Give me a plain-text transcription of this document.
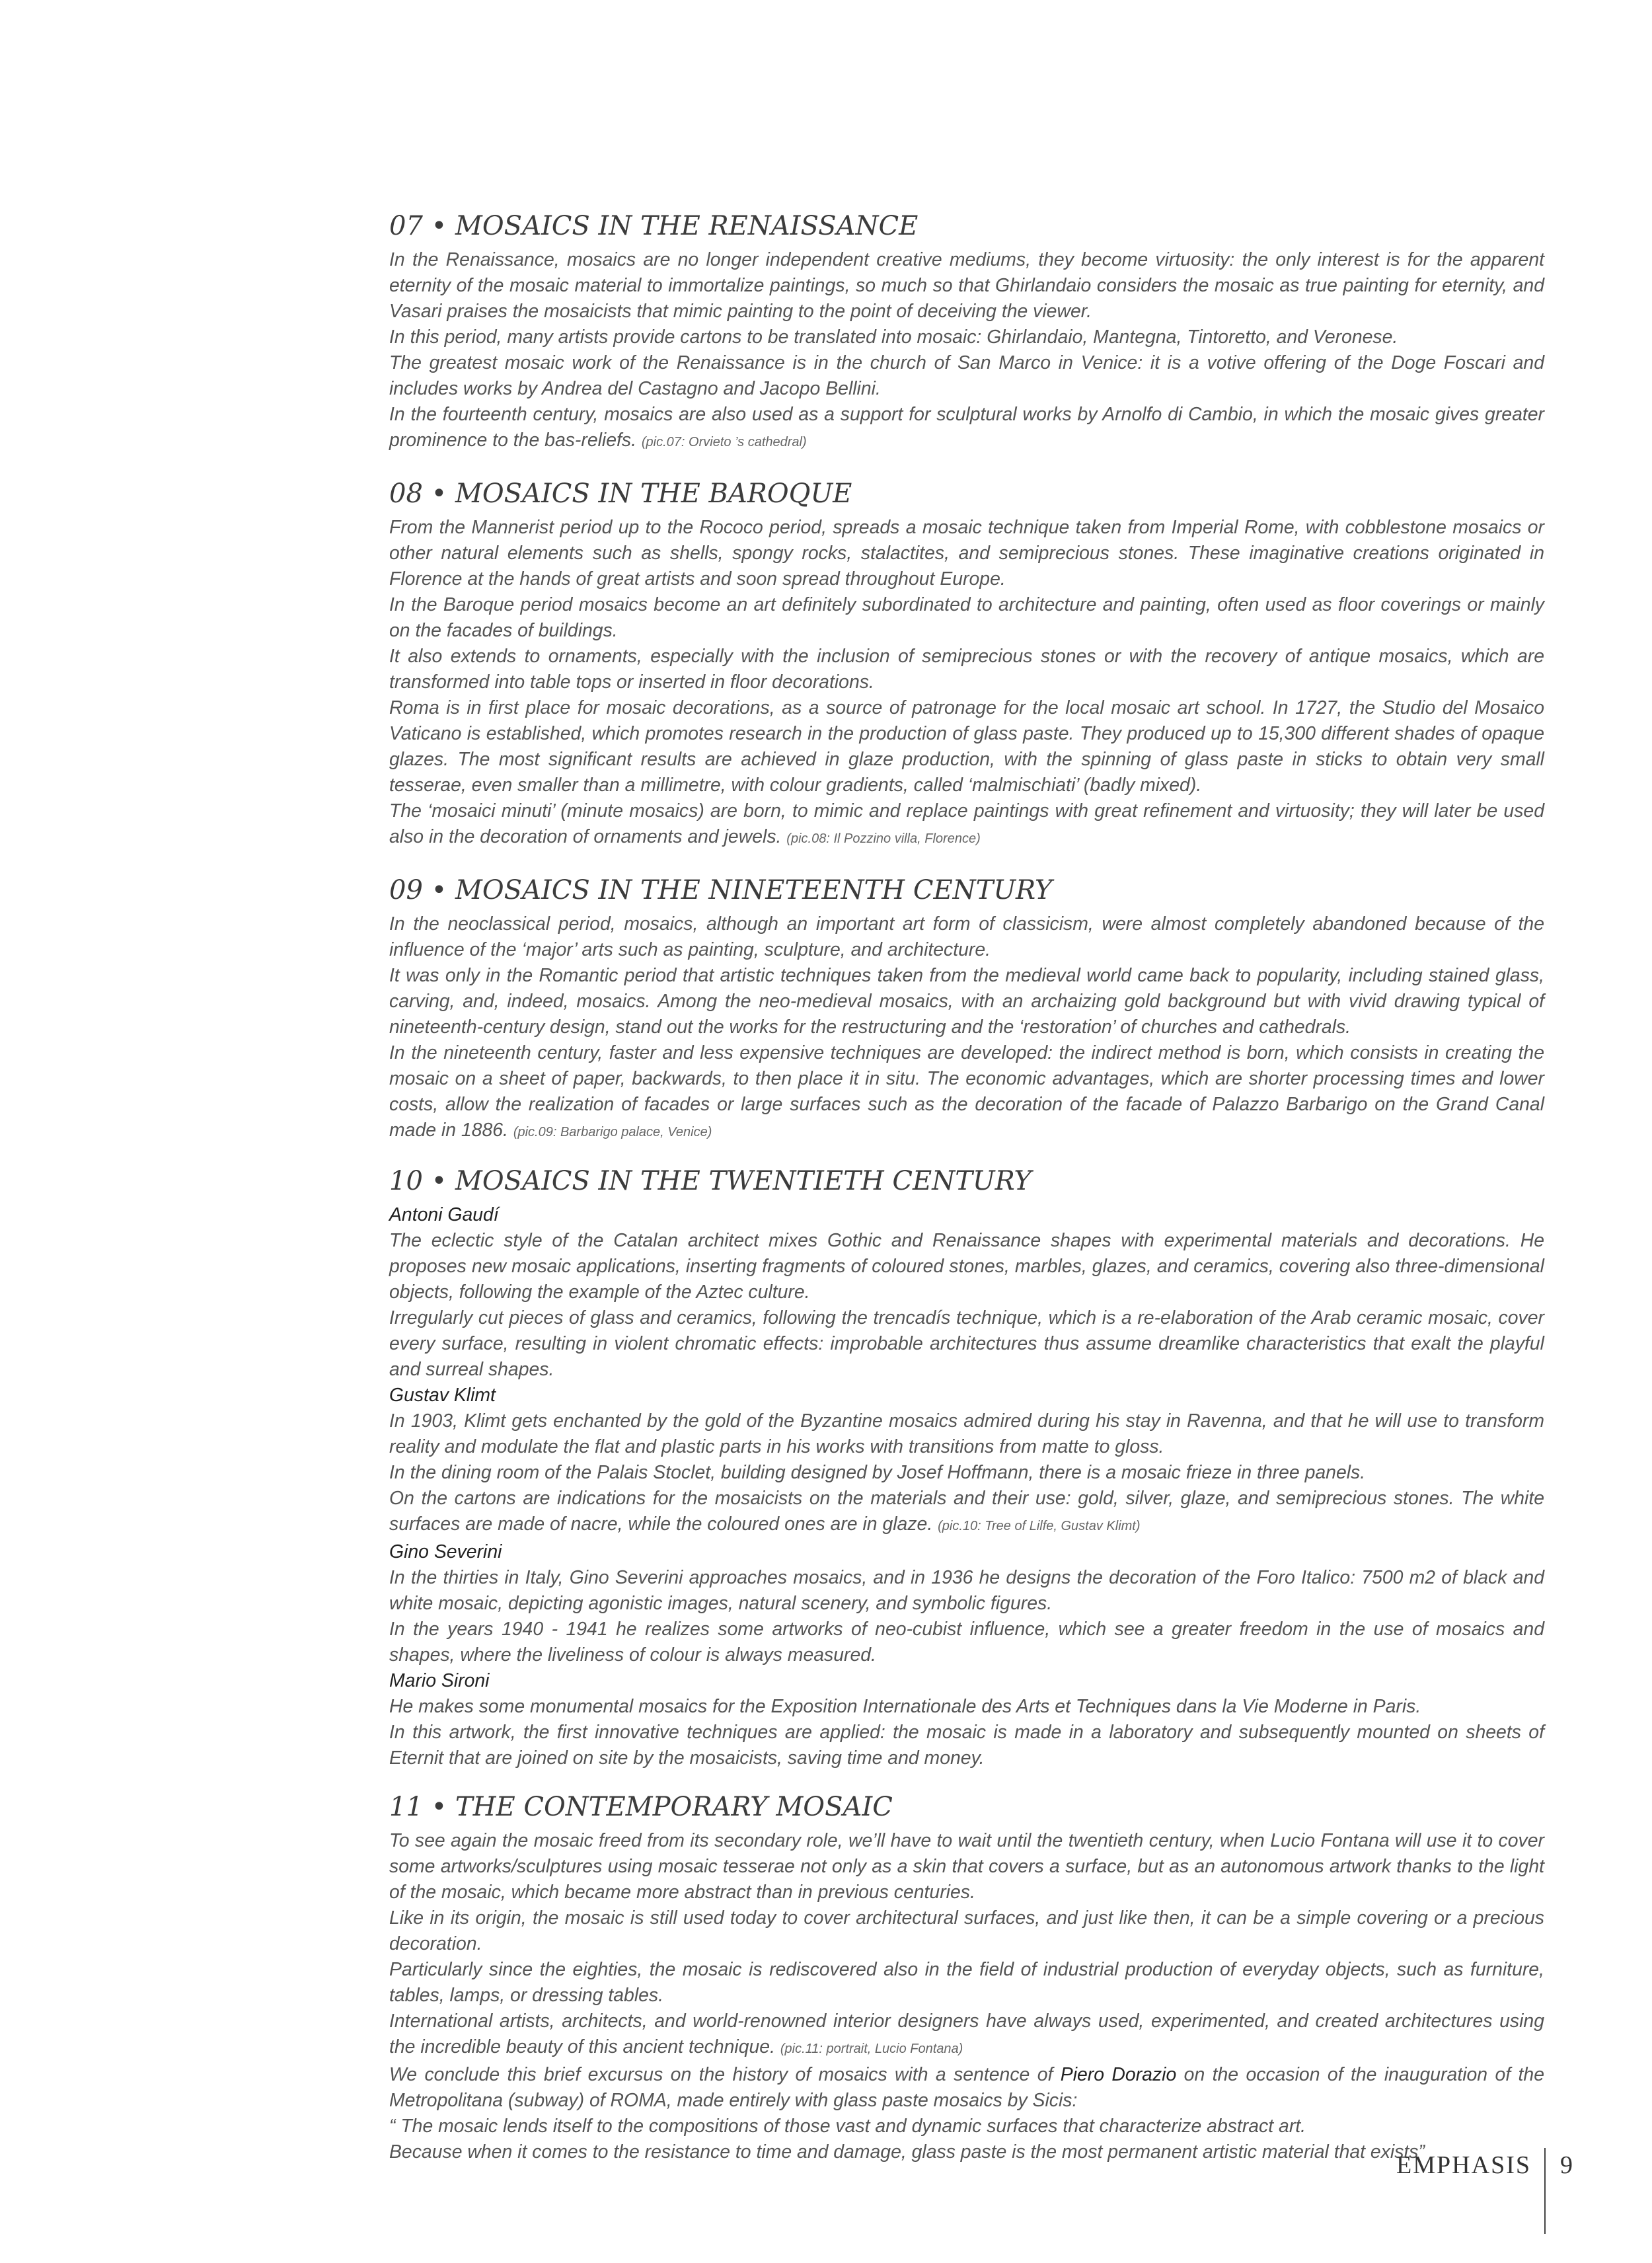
07 • MOSAICS IN THE RENAISSANCE

In the Renaissance, mosaics are no longer independent creative mediums, they become virtuosity: the only interest is for the apparent eternity of the mosaic material to immortalize paintings, so much so that Ghirlandaio considers the mosaic as true painting for eternity, and Vasari praises the mosaicists that mimic painting to the point of deceiving the viewer.

In this period, many artists provide cartons to be translated into mosaic: Ghirlandaio, Mantegna, Tintoretto, and Veronese.

The greatest mosaic work of the Renaissance is in the church of San Marco in Venice: it is a votive offering of the Doge Foscari and includes works by Andrea del Castagno and Jacopo Bellini.

In the fourteenth century, mosaics are also used as a support for sculptural works by Arnolfo di Cambio, in which the mosaic gives greater prominence to the bas-reliefs. (pic.07: Orvieto ’s cathedral)

08 • MOSAICS IN THE BAROQUE

From the Mannerist period up to the Rococo period, spreads a mosaic technique taken from Imperial Rome, with cobblestone mosaics or other natural elements such as shells, spongy rocks, stalactites, and semiprecious stones. These imaginative creations originated in Florence at the hands of great artists and soon spread throughout Europe.

In the Baroque period mosaics become an art definitely subordinated to architecture and painting, often used as floor coverings or mainly on the facades of buildings.

It also extends to ornaments, especially with the inclusion of semiprecious stones or with the recovery of antique mosaics, which are transformed into table tops or inserted in floor decorations.

Roma is in first place for mosaic decorations, as a source of patronage for the local mosaic art school. In 1727, the Studio del Mosaico Vaticano is established, which promotes research in the production of glass paste. They produced up to 15,300 different shades of opaque glazes. The most significant results are achieved in glaze production, with the spinning of glass paste in sticks to obtain very small tesserae, even smaller than a millimetre, with colour gradients, called ‘malmischiati’ (badly mixed).

The ‘mosaici minuti’ (minute mosaics) are born, to mimic and replace paintings with great refinement and virtuosity; they will later be used also in the decoration of ornaments and jewels. (pic.08: Il Pozzino villa, Florence)

09 • MOSAICS IN THE NINETEENTH CENTURY

In the neoclassical period, mosaics, although an important art form of classicism, were almost completely abandoned because of the influence of the ‘major’ arts such as painting, sculpture, and architecture.

It was only in the Romantic period that artistic techniques taken from the medieval world came back to popularity, including stained glass, carving, and, indeed, mosaics. Among the neo-medieval mosaics, with an archaizing gold background but with vivid drawing typical of nineteenth-century design, stand out the works for the restructuring and the ‘restoration’ of churches and cathedrals.

In the nineteenth century, faster and less expensive techniques are developed: the indirect method is born, which consists in creating the mosaic on a sheet of paper, backwards, to then place it in situ. The economic advantages, which are shorter processing times and lower costs, allow the realization of facades or large surfaces such as the decoration of the facade of Palazzo Barbarigo on the Grand Canal made in 1886. (pic.09: Barbarigo palace, Venice)

10 • MOSAICS IN THE TWENTIETH CENTURY

Antoni Gaudí

The eclectic style of the Catalan architect mixes Gothic and Renaissance shapes with experimental materials and decorations. He proposes new mosaic applications, inserting fragments of coloured stones, marbles, glazes, and ceramics, covering also three-dimensional objects, following the example of the Aztec culture.

Irregularly cut pieces of glass and ceramics, following the trencadís technique, which is a re-elaboration of the Arab ceramic mosaic, cover every surface, resulting in violent chromatic effects: improbable architectures thus assume dreamlike characteristics that exalt the playful and surreal shapes.

Gustav Klimt

In 1903, Klimt gets enchanted by the gold of the Byzantine mosaics admired during his stay in Ravenna, and that he will use to transform reality and modulate the flat and plastic parts in his works with transitions from matte to gloss.

In the dining room of the Palais Stoclet, building designed by Josef Hoffmann, there is a mosaic frieze in three panels.

On the cartons are indications for the mosaicists on the materials and their use: gold, silver, glaze, and semiprecious stones. The white surfaces are made of nacre, while the coloured ones are in glaze. (pic.10: Tree of Lilfe, Gustav Klimt)

Gino Severini

In the thirties in Italy, Gino Severini approaches mosaics, and in 1936 he designs the decoration of the Foro Italico: 7500 m2 of black and white mosaic, depicting agonistic images, natural scenery, and symbolic figures.

In the years 1940 - 1941 he realizes some artworks of neo-cubist influence, which see a greater freedom in the use of mosaics and shapes, where the liveliness of colour is always measured.

Mario Sironi

He makes some monumental mosaics for the Exposition Internationale des Arts et Techniques dans la Vie Moderne in Paris.

In this artwork, the first innovative techniques are applied: the mosaic is made in a laboratory and subsequently mounted on sheets of Eternit that are joined on site by the mosaicists, saving time and money.

11 • THE CONTEMPORARY MOSAIC

To see again the mosaic freed from its secondary role, we’ll have to wait until the twentieth century, when Lucio Fontana will use it to cover some artworks/sculptures using mosaic tesserae not only as a skin that covers a surface, but as an autonomous artwork thanks to the light of the mosaic, which became more abstract than in previous centuries.

Like in its origin, the mosaic is still used today to cover architectural surfaces, and just like then, it can be a simple covering or a precious decoration.

Particularly since the eighties, the mosaic is rediscovered also in the field of industrial production of everyday objects, such as furniture, tables, lamps, or dressing tables.

International artists, architects, and world-renowned interior designers have always used, experimented, and created architectures using the incredible beauty of this ancient technique. (pic.11: portrait, Lucio Fontana)

We conclude this brief excursus on the history of mosaics with a sentence of Piero Dorazio on the occasion of the inauguration of the Metropolitana (subway) of ROMA, made entirely with glass paste mosaics by Sicis:

“ The mosaic lends itself to the compositions of those vast and dynamic surfaces that characterize abstract art.

Because when it comes to the resistance to time and damage, glass paste is the most permanent artistic material that exists”

EMPHASIS	9
